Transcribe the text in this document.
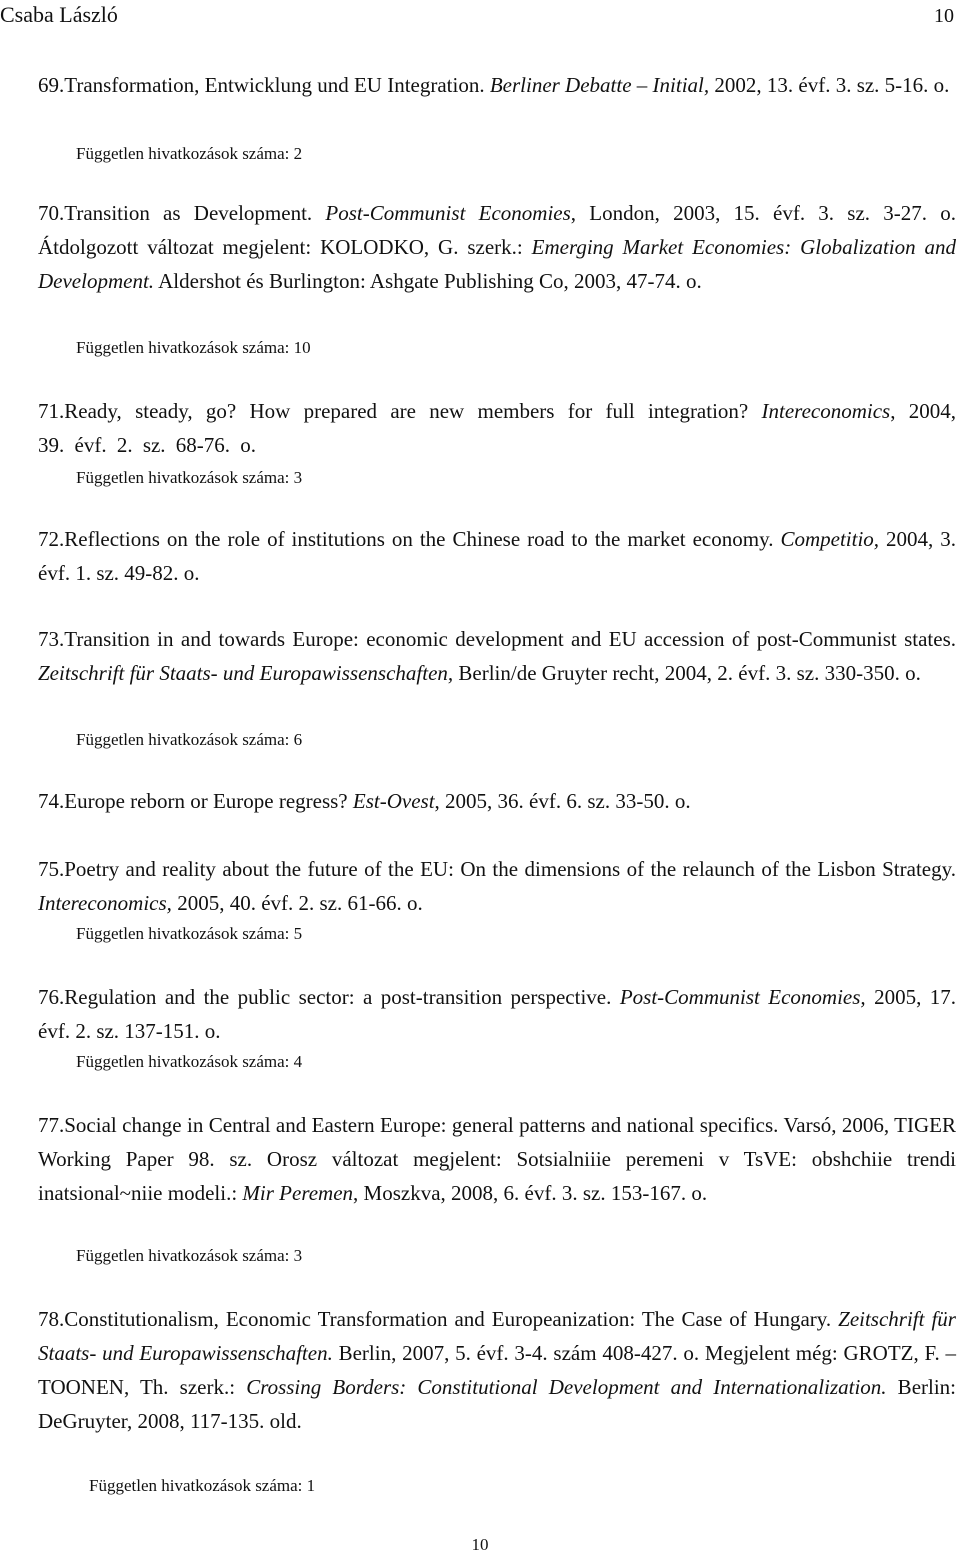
Csaba László	10

69.Transformation, Entwicklung und EU Integration. Berliner Debatte – Initial, 2002, 13. évf. 3. sz. 5-16. o.

Független hivatkozások száma: 2

70.Transition as Development. Post-Communist Economies, London, 2003, 15. évf. 3. sz. 3-27. o. Átdolgozott változat megjelent: KOLODKO, G. szerk.: Emerging Market Economies: Globalization and Development. Aldershot és Burlington: Ashgate Publishing Co, 2003, 47-74. o.

Független hivatkozások száma: 10

71.Ready, steady, go? How prepared are new members for full integration? Intereconomics, 2004, 39. évf. 2. sz. 68-76. o.

Független hivatkozások száma: 3

72.Reflections on the role of institutions on the Chinese road to the market economy. Competitio, 2004, 3. évf. 1. sz. 49-82. o.

73.Transition in and towards Europe: economic development and EU accession of post-Communist states. Zeitschrift für Staats- und Europawissenschaften, Berlin/de Gruyter recht, 2004, 2. évf. 3. sz. 330-350. o.

Független hivatkozások száma: 6

74.Europe reborn or Europe regress? Est-Ovest, 2005, 36. évf. 6. sz. 33-50. o.

75.Poetry and reality about the future of the EU: On the dimensions of the relaunch of the Lisbon Strategy. Intereconomics, 2005, 40. évf. 2. sz. 61-66. o.

Független hivatkozások száma: 5

76.Regulation and the public sector: a post-transition perspective. Post-Communist Economies, 2005, 17. évf. 2. sz. 137-151. o.

Független hivatkozások száma: 4

77.Social change in Central and Eastern Europe: general patterns and national specifics. Varsó, 2006, TIGER Working Paper 98. sz. Orosz változat megjelent: Sotsialniiie peremeni v TsVE: obshchiie trendi inatsional~niie modeli.: Mir Peremen, Moszkva, 2008, 6. évf. 3. sz. 153-167. o.

Független hivatkozások száma: 3

78.Constitutionalism, Economic Transformation and Europeanization: The Case of Hungary. Zeitschrift für Staats- und Europawissenschaften. Berlin, 2007, 5. évf. 3-4. szám 408-427. o. Megjelent még: GROTZ, F. – TOONEN, Th. szerk.: Crossing Borders: Constitutional Development and Internationalization. Berlin: DeGruyter, 2008, 117-135. old.

Független hivatkozások száma: 1

10
